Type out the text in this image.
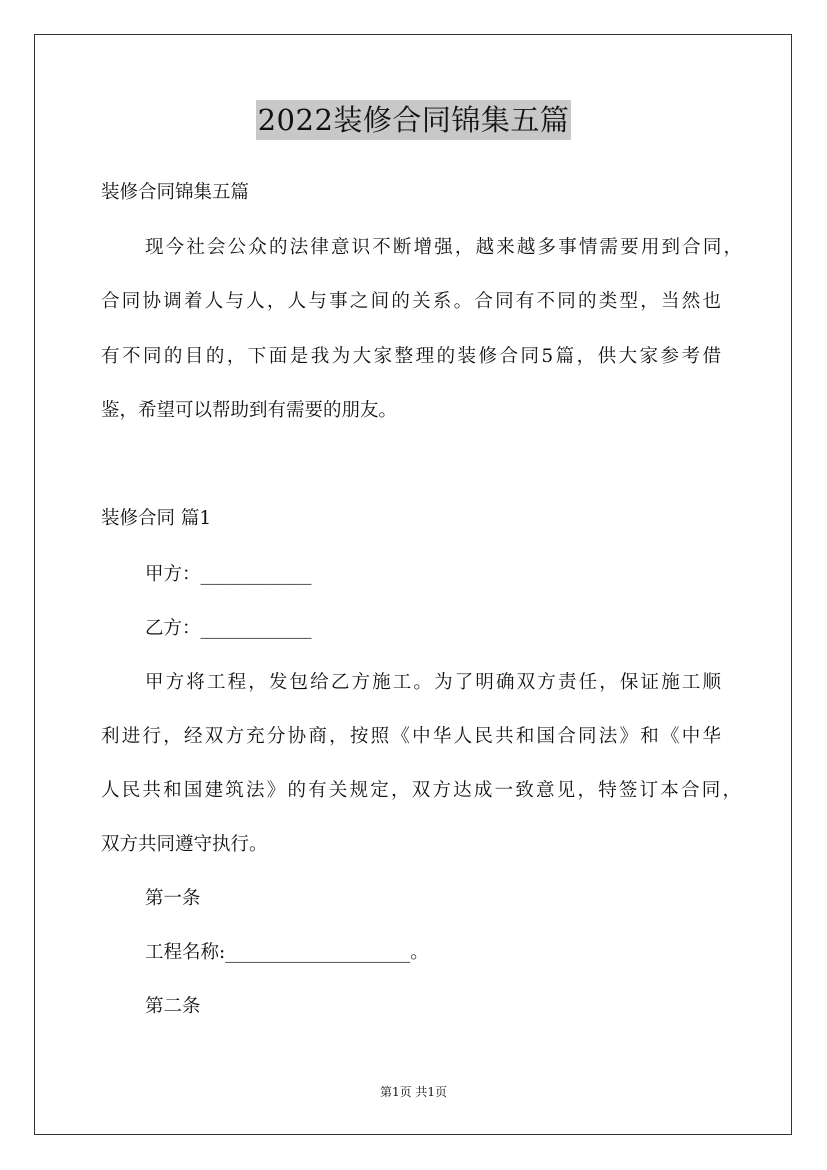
2022装修合同锦集五篇
装修合同锦集五篇
现今社会公众的法律意识不断增强，越来越多事情需要用到合同，
合同协调着人与人，人与事之间的关系。合同有不同的类型，当然也
有不同的目的，下面是我为大家整理的装修合同5篇，供大家参考借
鉴，希望可以帮助到有需要的朋友。
装修合同 篇1
甲方：____________
乙方：____________
甲方将工程，发包给乙方施工。为了明确双方责任，保证施工顺
利进行，经双方充分协商，按照《中华人民共和国合同法》和《中华
人民共和国建筑法》的有关规定，双方达成一致意见，特签订本合同，
双方共同遵守执行。
第一条
工程名称:____________________。
第二条
第1页 共1页
